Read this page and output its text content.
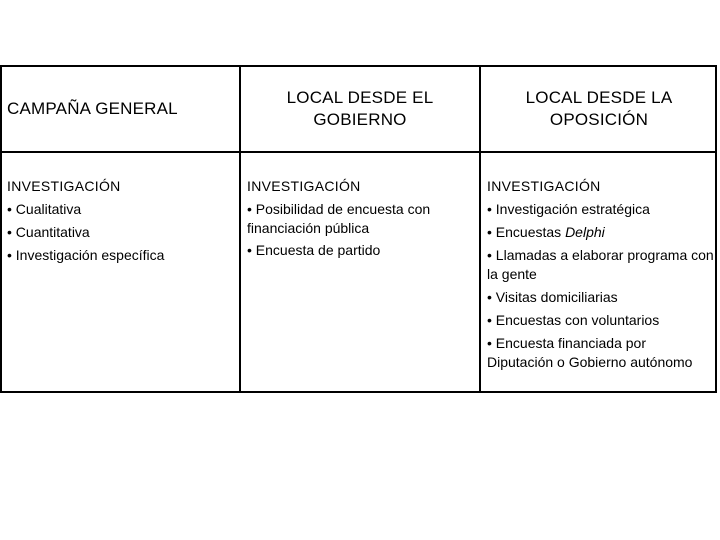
CAMPAÑA GENERAL
LOCAL DESDE EL GOBIERNO
LOCAL DESDE LA OPOSICIÓN
INVESTIGACIÓN
• Cualitativa
• Cuantitativa
• Investigación específica
INVESTIGACIÓN
• Posibilidad de encuesta con financiación pública
• Encuesta de partido
INVESTIGACIÓN
• Investigación estratégica
• Encuestas Delphi
• Llamadas a elaborar programa con la gente
• Visitas domiciliarias
• Encuestas con voluntarios
• Encuesta financiada por Diputación o Gobierno autónomo
